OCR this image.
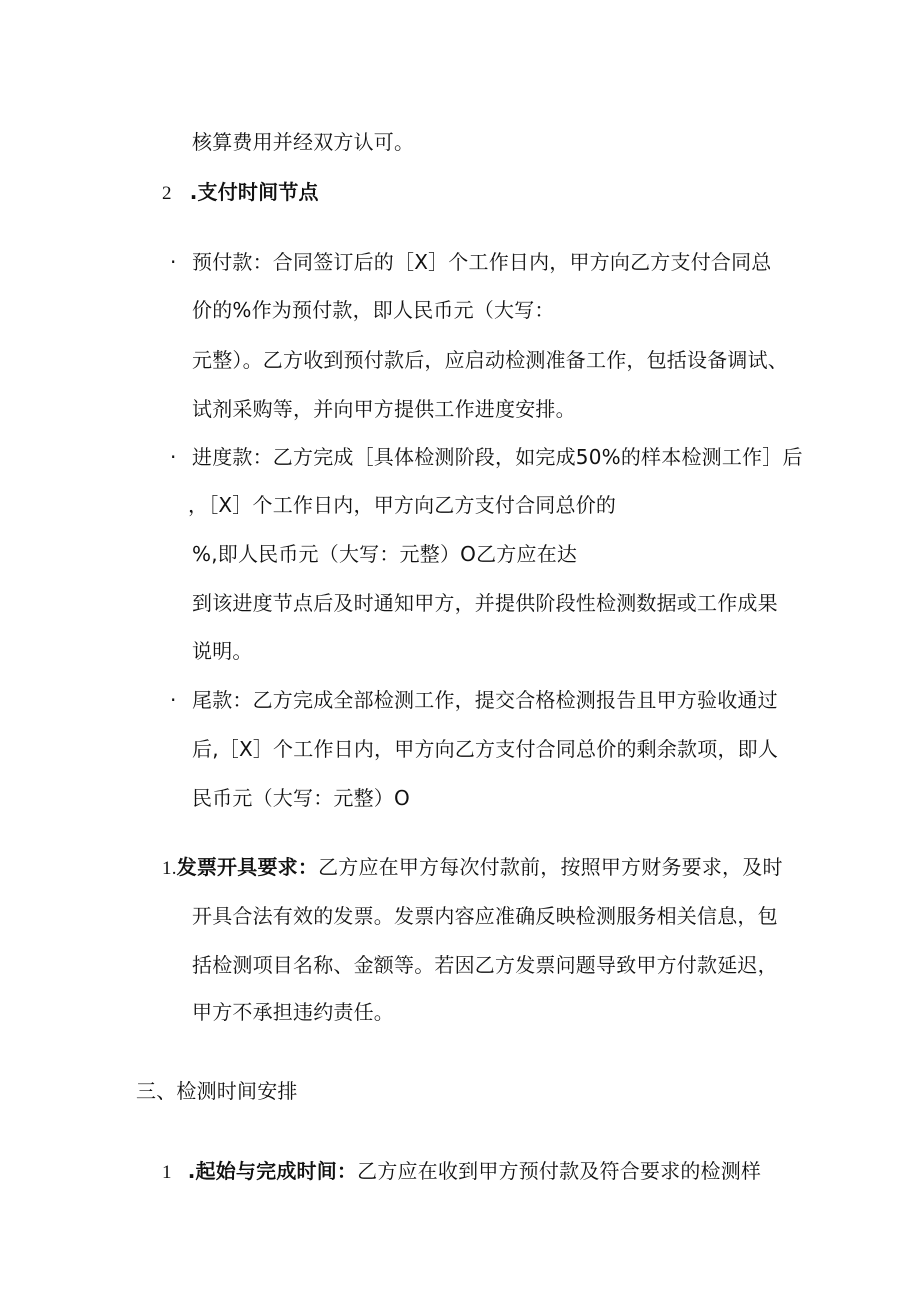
核算费用并经双方认可。
2 .支付时间节点
· 预付款：合同签订后的［X］个工作日内，甲方向乙方支付合同总
价的%作为预付款，即人民币元（大写：
元整）。乙方收到预付款后，应启动检测准备工作，包括设备调试、
试剂采购等，并向甲方提供工作进度安排。
· 进度款：乙方完成［具体检测阶段，如完成50%的样本检测工作］后
，［X］个工作日内，甲方向乙方支付合同总价的
%,即人民币元（大写：元整）O乙方应在达
到该进度节点后及时通知甲方，并提供阶段性检测数据或工作成果
说明。
· 尾款：乙方完成全部检测工作，提交合格检测报告且甲方验收通过
后,［X］个工作日内，甲方向乙方支付合同总价的剩余款项，即人
民币元（大写：元整）O
1.发票开具要求：乙方应在甲方每次付款前，按照甲方财务要求，及时
开具合法有效的发票。发票内容应准确反映检测服务相关信息，包
括检测项目名称、金额等。若因乙方发票问题导致甲方付款延迟，
甲方不承担违约责任。
三、检测时间安排
1 .起始与完成时间：乙方应在收到甲方预付款及符合要求的检测样
